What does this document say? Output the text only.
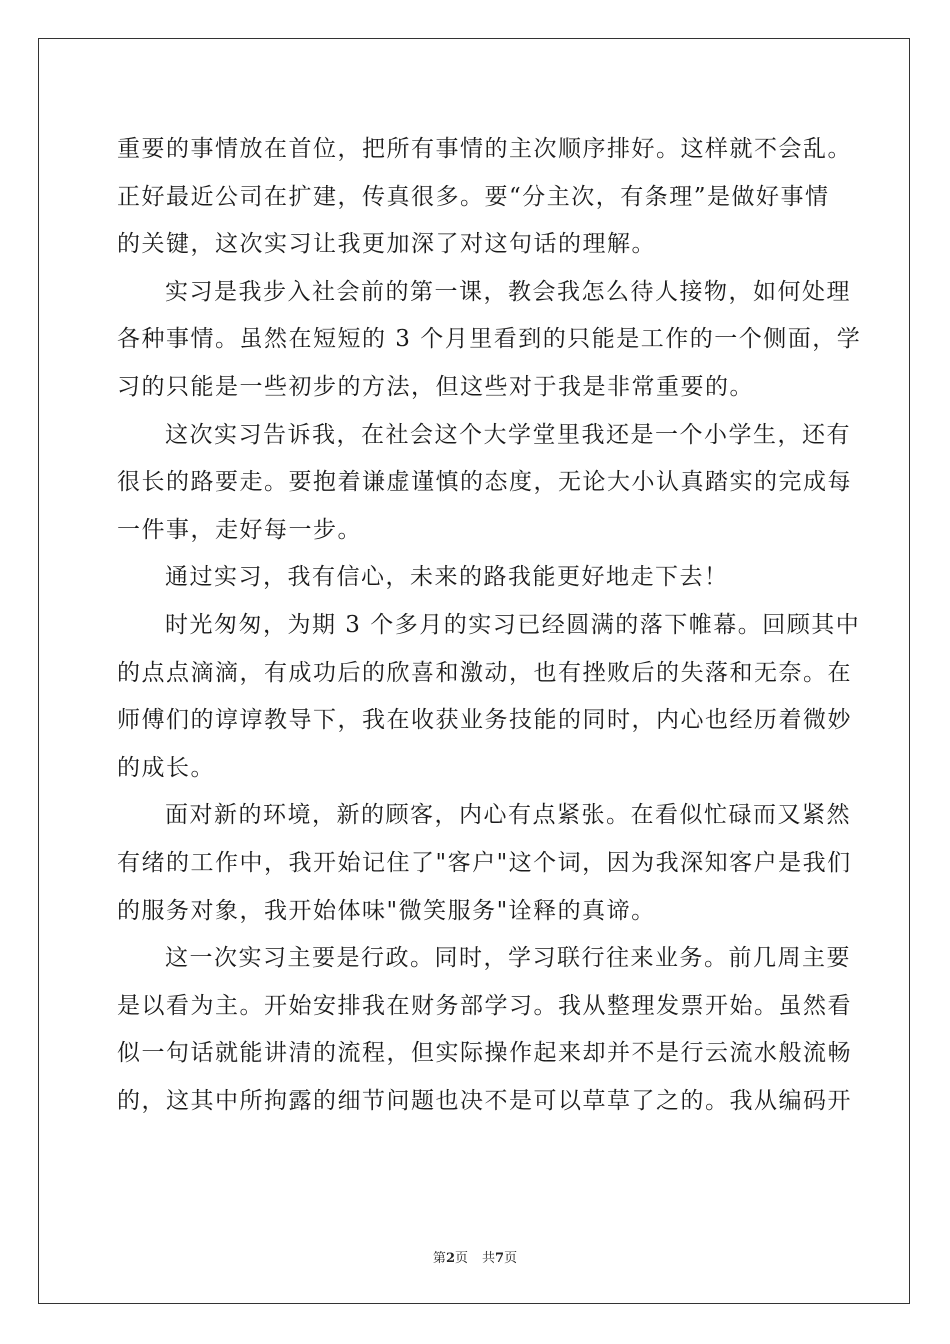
重要的事情放在首位，把所有事情的主次顺序排好。这样就不会乱。
正好最近公司在扩建，传真很多。要“分主次，有条理”是做好事情
的关键，这次实习让我更加深了对这句话的理解。
实习是我步入社会前的第一课，教会我怎么待人接物，如何处理
各种事情。虽然在短短的 3 个月里看到的只能是工作的一个侧面，学
习的只能是一些初步的方法，但这些对于我是非常重要的。
这次实习告诉我，在社会这个大学堂里我还是一个小学生，还有
很长的路要走。要抱着谦虚谨慎的态度，无论大小认真踏实的完成每
一件事，走好每一步。
通过实习，我有信心，未来的路我能更好地走下去！
时光匆匆，为期 3 个多月的实习已经圆满的落下帷幕。回顾其中
的点点滴滴，有成功后的欣喜和激动，也有挫败后的失落和无奈。在
师傅们的谆谆教导下，我在收获业务技能的同时，内心也经历着微妙
的成长。
面对新的环境，新的顾客，内心有点紧张。在看似忙碌而又紧然
有绪的工作中，我开始记住了"客户"这个词，因为我深知客户是我们
的服务对象，我开始体味"微笑服务"诠释的真谛。
这一次实习主要是行政。同时，学习联行往来业务。前几周主要
是以看为主。开始安排我在财务部学习。我从整理发票开始。虽然看
似一句话就能讲清的流程，但实际操作起来却并不是行云流水般流畅
的，这其中所拘露的细节问题也决不是可以草草了之的。我从编码开
第2页 共7页
